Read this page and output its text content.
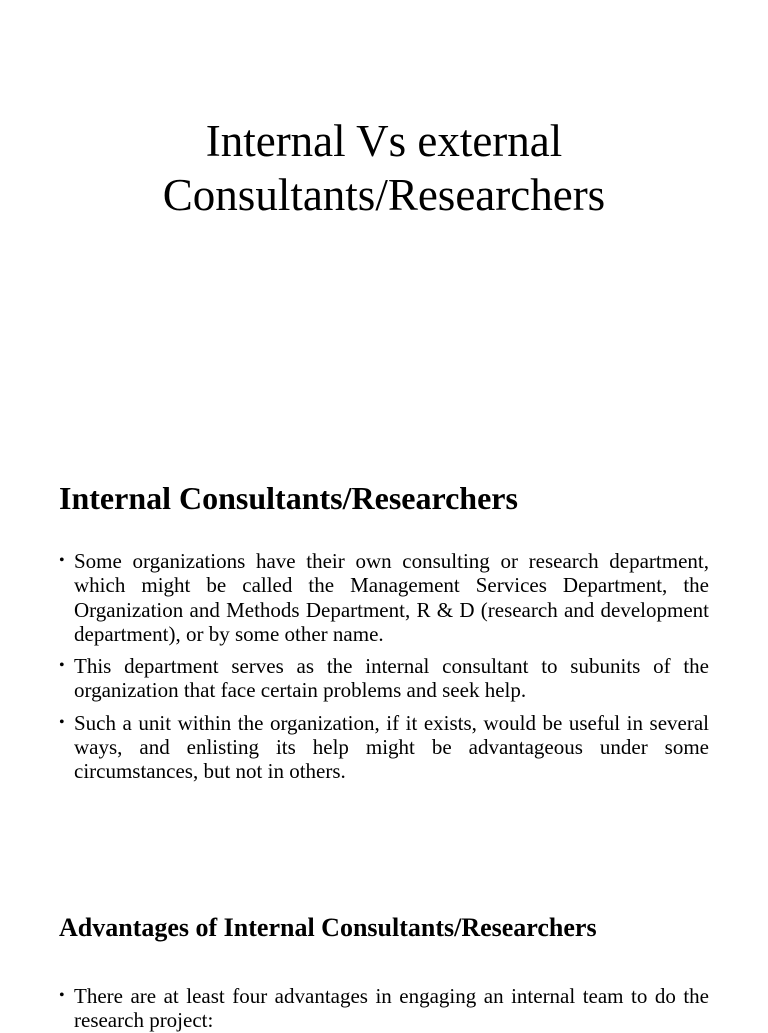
Internal Vs external
Consultants/Researchers
Internal Consultants/Researchers
• Some organizations have their own consulting or research department, which might be called the Management Services Department, the Organization and Methods Department, R & D (research and development department), or by some other name.
• This department serves as the internal consultant to subunits of the organization that face certain problems and seek help.
• Such a unit within the organization, if it exists, would be useful in several ways, and enlisting its help might be advantageous under some circumstances, but not in others.
Advantages of Internal Consultants/Researchers
• There are at least four advantages in engaging an internal team to do the research project:
